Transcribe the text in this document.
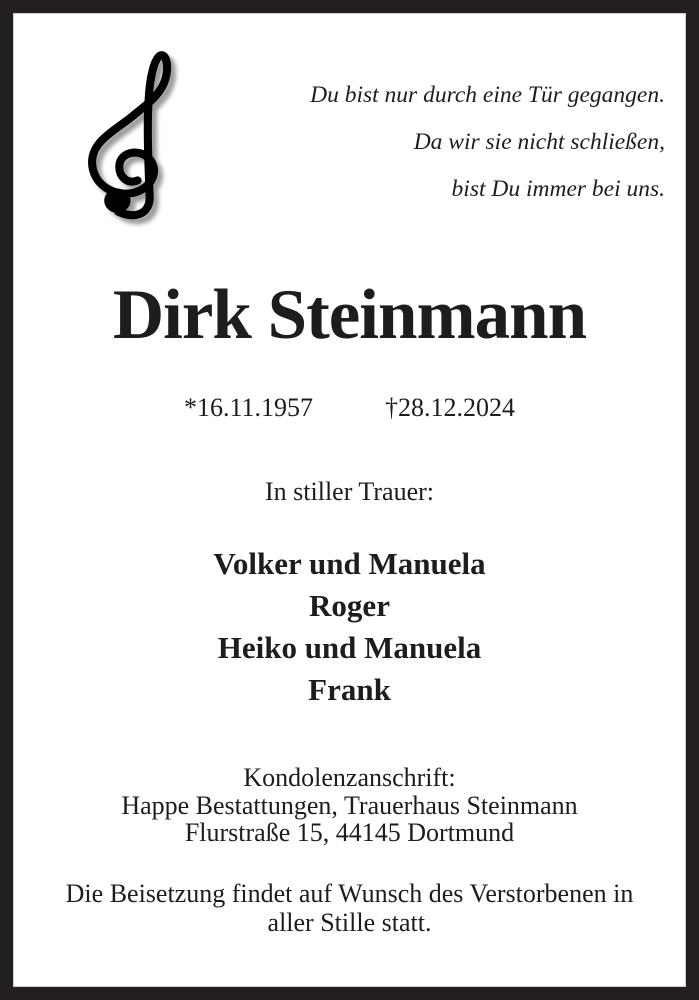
Du bist nur durch eine Tür gegangen.
Da wir sie nicht schließen,
bist Du immer bei uns.
Dirk Steinmann
*16.11.1957	†28.12.2024
In stiller Trauer:
Volker und Manuela
Roger
Heiko und Manuela
Frank
Kondolenzanschrift:
Happe Bestattungen, Trauerhaus Steinmann
Flurstraße 15, 44145 Dortmund
Die Beisetzung findet auf Wunsch des Verstorbenen in aller Stille statt.
